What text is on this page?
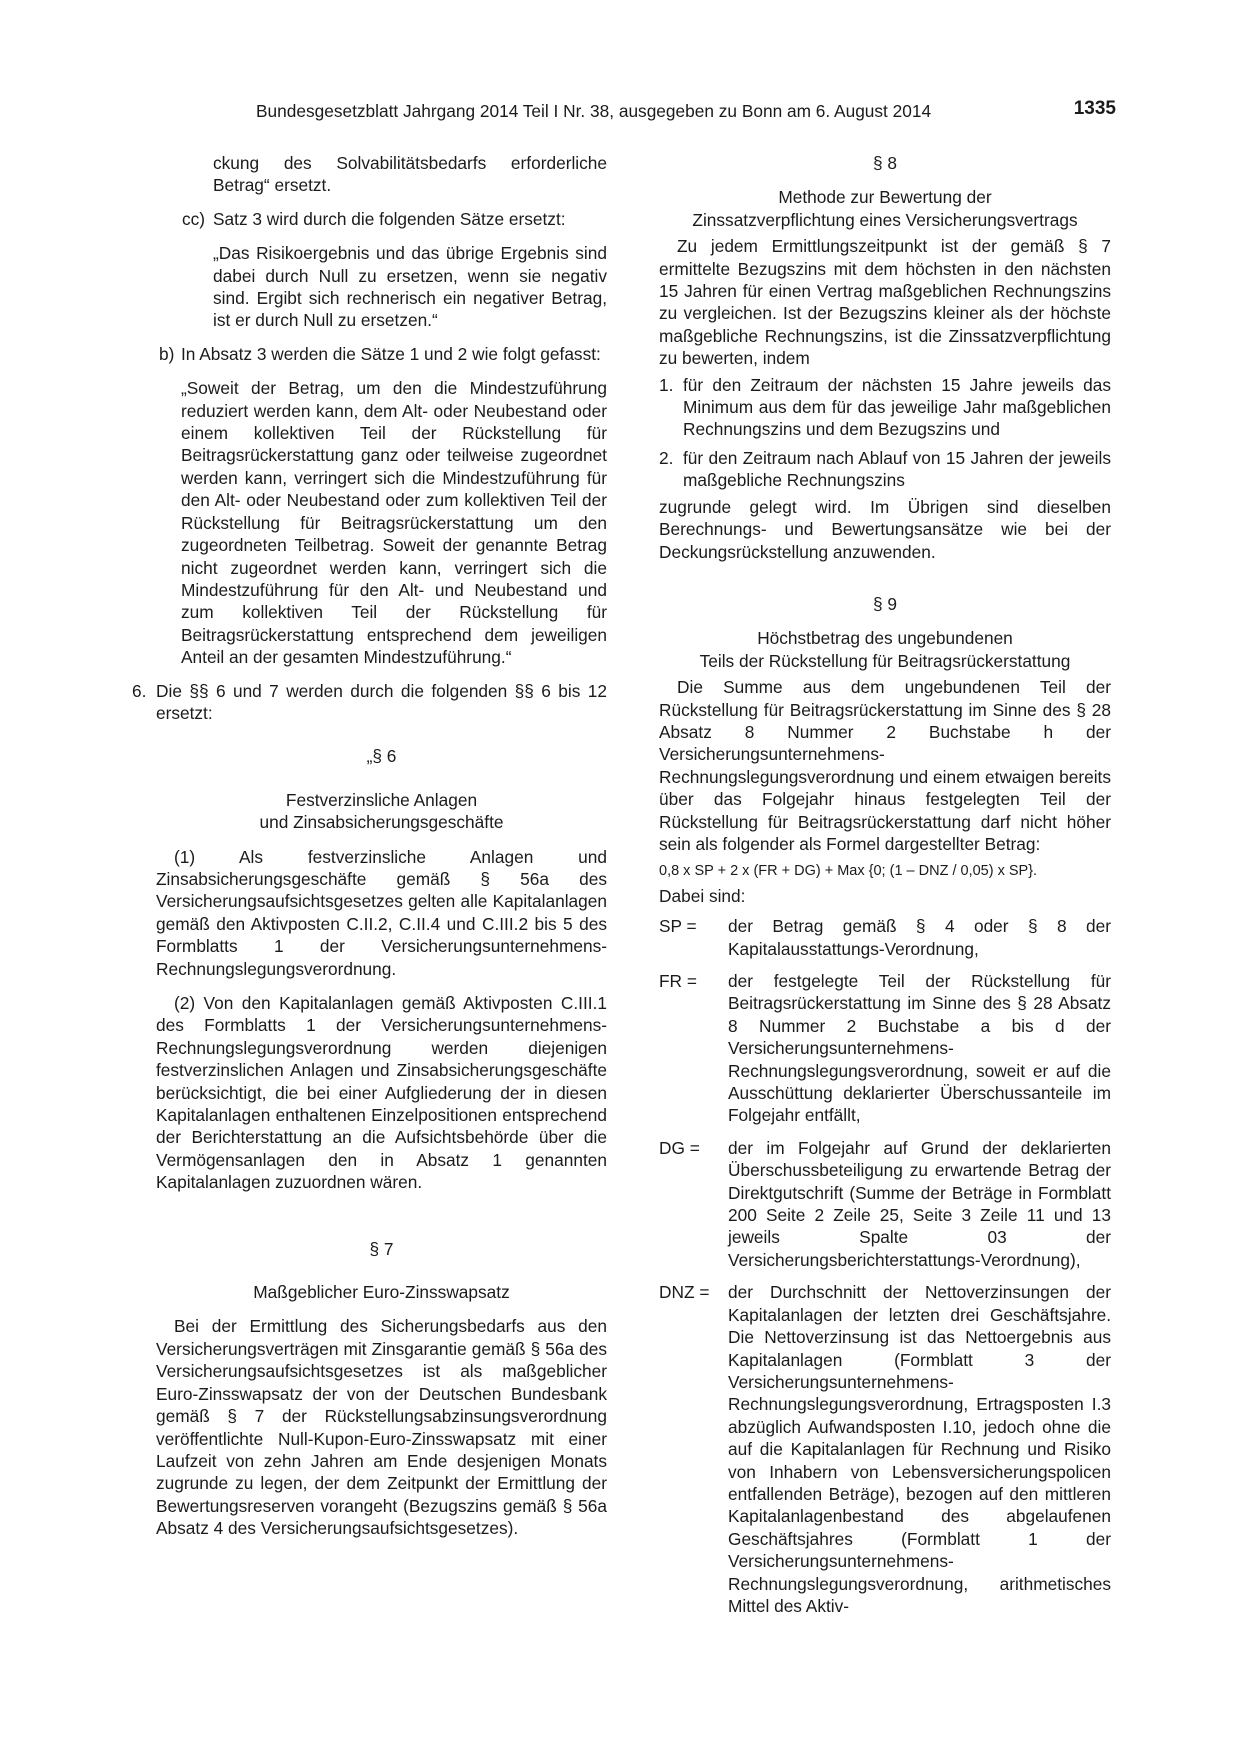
Bundesgesetzblatt Jahrgang 2014 Teil I Nr. 38, ausgegeben zu Bonn am 6. August 2014	1335

ckung des Solvabilitätsbedarfs erforderliche Betrag“ ersetzt.

cc) Satz 3 wird durch die folgenden Sätze ersetzt:

„Das Risikoergebnis und das übrige Ergebnis sind dabei durch Null zu ersetzen, wenn sie negativ sind. Ergibt sich rechnerisch ein negativer Betrag, ist er durch Null zu ersetzen.“

b) In Absatz 3 werden die Sätze 1 und 2 wie folgt gefasst:

„Soweit der Betrag, um den die Mindestzuführung reduziert werden kann, dem Alt- oder Neubestand oder einem kollektiven Teil der Rückstellung für Beitragsrückerstattung ganz oder teilweise zugeordnet werden kann, verringert sich die Mindestzuführung für den Alt- oder Neubestand oder zum kollektiven Teil der Rückstellung für Beitragsrückerstattung um den zugeordneten Teilbetrag. Soweit der genannte Betrag nicht zugeordnet werden kann, verringert sich die Mindestzuführung für den Alt- und Neubestand und zum kollektiven Teil der Rückstellung für Beitragsrückerstattung entsprechend dem jeweiligen Anteil an der gesamten Mindestzuführung.“

6. Die §§ 6 und 7 werden durch die folgenden §§ 6 bis 12 ersetzt:

„§ 6

Festverzinsliche Anlagen

und Zinsabsicherungsgeschäfte

(1) Als festverzinsliche Anlagen und Zinsabsicherungsgeschäfte gemäß § 56a des Versicherungsaufsichtsgesetzes gelten alle Kapitalanlagen gemäß den Aktivposten C.II.2, C.II.4 und C.III.2 bis 5 des Formblatts 1 der Versicherungsunternehmens-Rechnungslegungsverordnung.

(2) Von den Kapitalanlagen gemäß Aktivposten C.III.1 des Formblatts 1 der Versicherungsunternehmens-Rechnungslegungsverordnung werden diejenigen festverzinslichen Anlagen und Zinsabsicherungsgeschäfte berücksichtigt, die bei einer Aufgliederung der in diesen Kapitalanlagen enthaltenen Einzelpositionen entsprechend der Berichterstattung an die Aufsichtsbehörde über die Vermögensanlagen den in Absatz 1 genannten Kapitalanlagen zuzuordnen wären.

§ 7

Maßgeblicher Euro-Zinsswapsatz

Bei der Ermittlung des Sicherungsbedarfs aus den Versicherungsverträgen mit Zinsgarantie gemäß § 56a des Versicherungsaufsichtsgesetzes ist als maßgeblicher Euro-Zinsswapsatz der von der Deutschen Bundesbank gemäß § 7 der Rückstellungsabzinsungsverordnung veröffentlichte Null-Kupon-Euro-Zinsswapsatz mit einer Laufzeit von zehn Jahren am Ende desjenigen Monats zugrunde zu legen, der dem Zeitpunkt der Ermittlung der Bewertungsreserven vorangeht (Bezugszins gemäß § 56a Absatz 4 des Versicherungsaufsichtsgesetzes).

§ 8

Methode zur Bewertung der

Zinssatzverpflichtung eines Versicherungsvertrags

Zu jedem Ermittlungszeitpunkt ist der gemäß § 7 ermittelte Bezugszins mit dem höchsten in den nächsten 15 Jahren für einen Vertrag maßgeblichen Rechnungszins zu vergleichen. Ist der Bezugszins kleiner als der höchste maßgebliche Rechnungszins, ist die Zinssatzverpflichtung zu bewerten, indem

1. für den Zeitraum der nächsten 15 Jahre jeweils das Minimum aus dem für das jeweilige Jahr maßgeblichen Rechnungszins und dem Bezugszins und

2. für den Zeitraum nach Ablauf von 15 Jahren der jeweils maßgebliche Rechnungszins

zugrunde gelegt wird. Im Übrigen sind dieselben Berechnungs- und Bewertungsansätze wie bei der Deckungsrückstellung anzuwenden.

§ 9

Höchstbetrag des ungebundenen

Teils der Rückstellung für Beitragsrückerstattung

Die Summe aus dem ungebundenen Teil der Rückstellung für Beitragsrückerstattung im Sinne des § 28 Absatz 8 Nummer 2 Buchstabe h der Versicherungsunternehmens-Rechnungslegungsverordnung und einem etwaigen bereits über das Folgejahr hinaus festgelegten Teil der Rückstellung für Beitragsrückerstattung darf nicht höher sein als folgender als Formel dargestellter Betrag:

0,8 x SP + 2 x (FR + DG) + Max {0; (1 – DNZ / 0,05) x SP}.

Dabei sind:

SP = der Betrag gemäß § 4 oder § 8 der Kapitalausstattungs-Verordnung,

FR = der festgelegte Teil der Rückstellung für Beitragsrückerstattung im Sinne des § 28 Absatz 8 Nummer 2 Buchstabe a bis d der Versicherungsunternehmens-Rechnungslegungsverordnung, soweit er auf die Ausschüttung deklarierter Überschussanteile im Folgejahr entfällt,

DG = der im Folgejahr auf Grund der deklarierten Überschussbeteiligung zu erwartende Betrag der Direktgutschrift (Summe der Beträge in Formblatt 200 Seite 2 Zeile 25, Seite 3 Zeile 11 und 13 jeweils Spalte 03 der Versicherungsberichterstattungs-Verordnung),

DNZ = der Durchschnitt der Nettoverzinsungen der Kapitalanlagen der letzten drei Geschäftsjahre. Die Nettoverzinsung ist das Nettoergebnis aus Kapitalanlagen (Formblatt 3 der Versicherungsunternehmens-Rechnungslegungsverordnung, Ertragsposten I.3 abzüglich Aufwandsposten I.10, jedoch ohne die auf die Kapitalanlagen für Rechnung und Risiko von Inhabern von Lebensversicherungspolicen entfallenden Beträge), bezogen auf den mittleren Kapitalanlagenbestand des abgelaufenen Geschäftsjahres (Formblatt 1 der Versicherungsunternehmens-Rechnungslegungsverordnung, arithmetisches Mittel des Aktiv-
